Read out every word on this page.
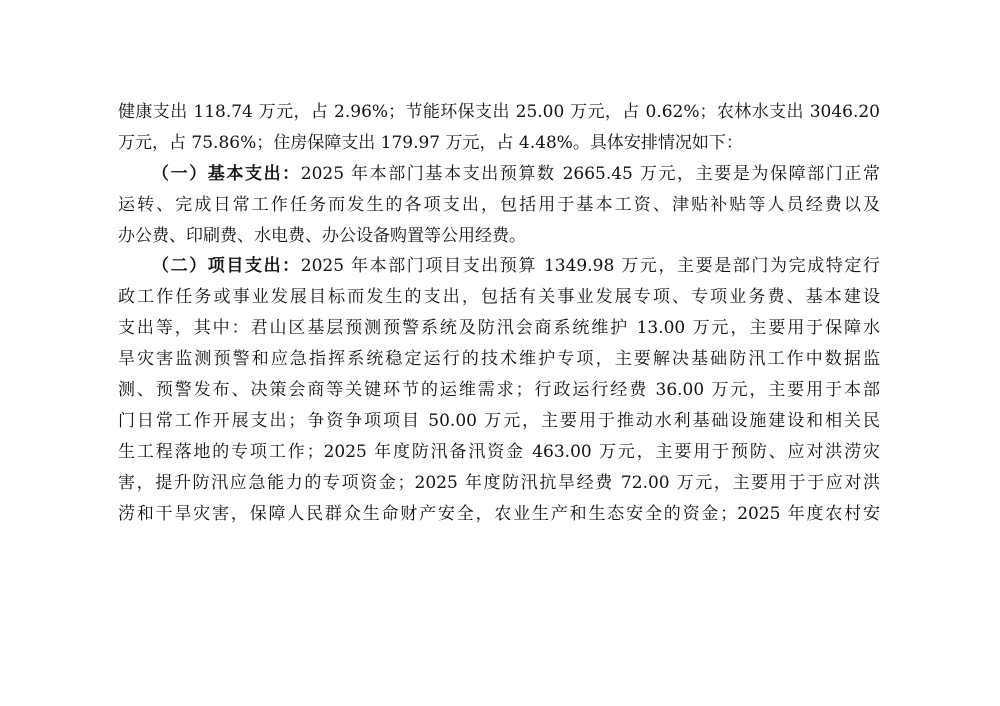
健康支出 118.74 万元，占 2.96%；节能环保支出 25.00 万元，占 0.62%；农林水支出 3046.20
万元，占 75.86%；住房保障支出 179.97 万元，占 4.48%。具体安排情况如下：
（一）基本支出：2025 年本部门基本支出预算数 2665.45 万元，主要是为保障部门正常
运转、完成日常工作任务而发生的各项支出，包括用于基本工资、津贴补贴等人员经费以及
办公费、印刷费、水电费、办公设备购置等公用经费。
（二）项目支出：2025 年本部门项目支出预算 1349.98 万元，主要是部门为完成特定行
政工作任务或事业发展目标而发生的支出，包括有关事业发展专项、专项业务费、基本建设
支出等，其中：君山区基层预测预警系统及防汛会商系统维护 13.00 万元，主要用于保障水
旱灾害监测预警和应急指挥系统稳定运行的技术维护专项，主要解决基础防汛工作中数据监
测、预警发布、决策会商等关键环节的运维需求；行政运行经费 36.00 万元，主要用于本部
门日常工作开展支出；争资争项项目 50.00 万元，主要用于推动水利基础设施建设和相关民
生工程落地的专项工作；2025 年度防汛备汛资金 463.00 万元，主要用于预防、应对洪涝灾
害，提升防汛应急能力的专项资金；2025 年度防汛抗旱经费 72.00 万元，主要用于于应对洪
涝和干旱灾害，保障人民群众生命财产安全，农业生产和生态安全的资金；2025 年度农村安
